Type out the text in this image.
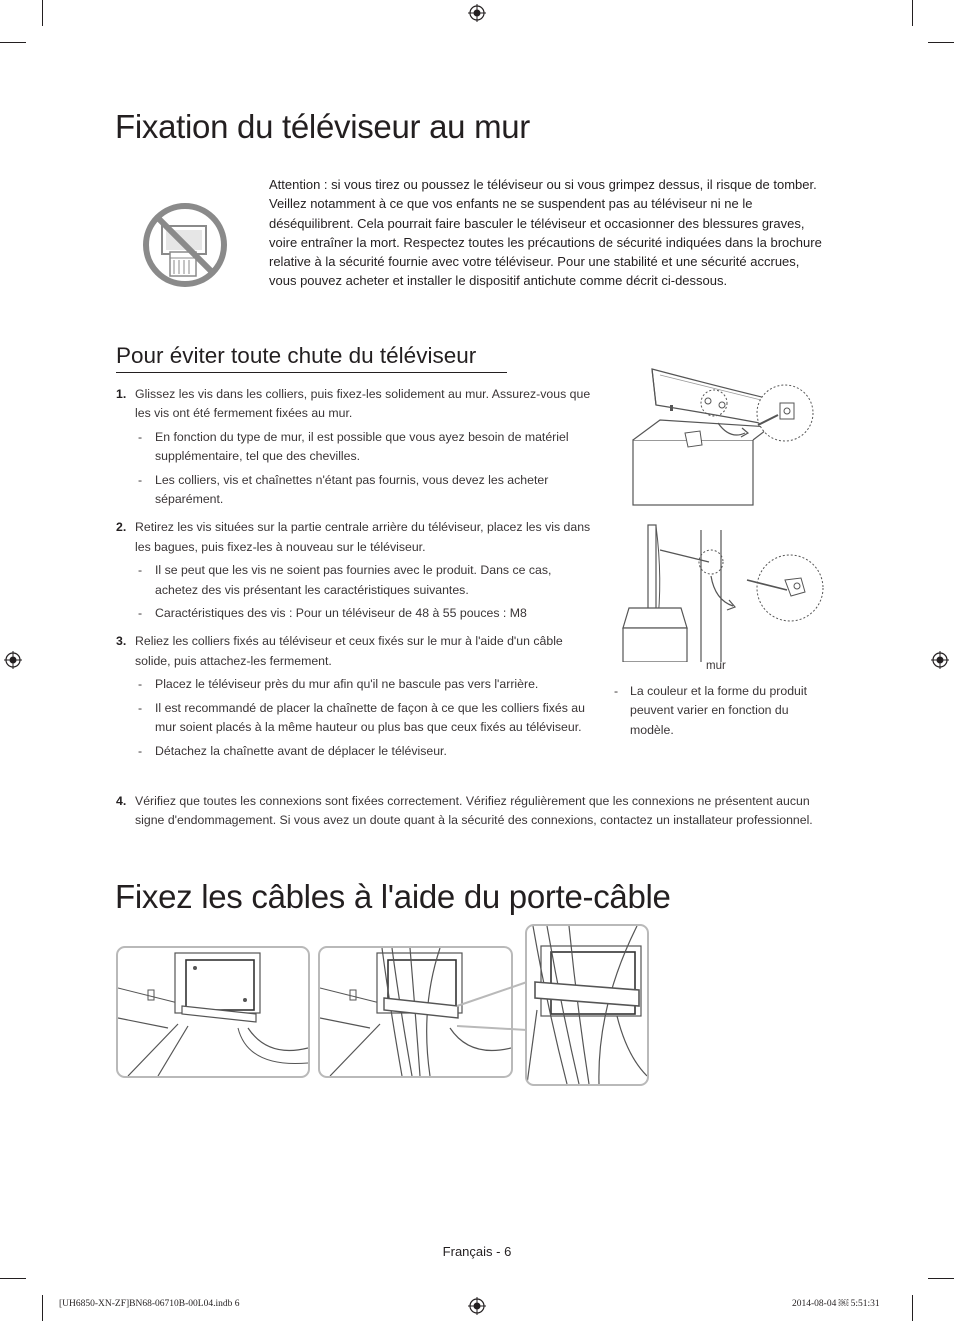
Fixation du téléviseur au mur
Attention : si vous tirez ou poussez le téléviseur ou si vous grimpez dessus, il risque de tomber. Veillez notamment à ce que vos enfants ne se suspendent pas au téléviseur ni ne le déséquilibrent. Cela pourrait faire basculer le téléviseur et occasionner des blessures graves, voire entraîner la mort. Respectez toutes les précautions de sécurité indiquées dans la brochure relative à la sécurité fournie avec votre téléviseur. Pour une stabilité et une sécurité accrues, vous pouvez acheter et installer le dispositif antichute comme décrit ci-dessous.
Pour éviter toute chute du téléviseur
1. Glissez les vis dans les colliers, puis fixez-les solidement au mur. Assurez-vous que les vis ont été fermement fixées au mur.
- En fonction du type de mur, il est possible que vous ayez besoin de matériel supplémentaire, tel que des chevilles.
- Les colliers, vis et chaînettes n'étant pas fournis, vous devez les acheter séparément.
2. Retirez les vis situées sur la partie centrale arrière du téléviseur, placez les vis dans les bagues, puis fixez-les à nouveau sur le téléviseur.
- Il se peut que les vis ne soient pas fournies avec le produit. Dans ce cas, achetez des vis présentant les caractéristiques suivantes.
- Caractéristiques des vis : Pour un téléviseur de 48 à 55 pouces : M8
3. Reliez les colliers fixés au téléviseur et ceux fixés sur le mur à l'aide d'un câble solide, puis attachez-les fermement.
- Placez le téléviseur près du mur afin qu'il ne bascule pas vers l'arrière.
- Il est recommandé de placer la chaînette de façon à ce que les colliers fixés au mur soient placés à la même hauteur ou plus bas que ceux fixés au téléviseur.
- Détachez la chaînette avant de déplacer le téléviseur.
4. Vérifiez que toutes les connexions sont fixées correctement. Vérifiez régulièrement que les connexions ne présentent aucun signe d'endommagement. Si vous avez un doute quant à la sécurité des connexions, contactez un installateur professionnel.
mur
- La couleur et la forme du produit peuvent varier en fonction du modèle.
Fixez les câbles à l'aide du porte-câble
Français - 6
[UH6850-XN-ZF]BN68-06710B-00L04.indb 6	2014-08-04 ￼ 5:51:31
